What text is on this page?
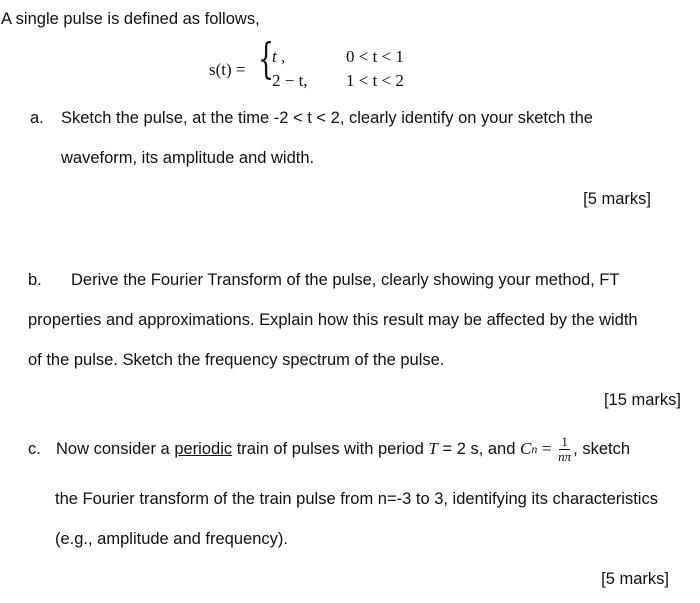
A single pulse is defined as follows,
s(t) = {
t ,
2 − t,
0 < t < 1
1 < t < 2
a. Sketch the pulse, at the time -2 < t < 2, clearly identify on your sketch the
waveform, its amplitude and width.
[5 marks]
b. Derive the Fourier Transform of the pulse, clearly showing your method, FT
properties and approximations. Explain how this result may be affected by the width
of the pulse. Sketch the frequency spectrum of the pulse.
[15 marks]
c. Now consider a
periodic
train of pulses with period
T
= 2 s, and
C n
=
$\frac{1}{n\pi}$ , sketch
the Fourier transform of the train pulse from n=-3 to 3, identifying its characteristics
(e.g., amplitude and frequency).
[5 marks]
